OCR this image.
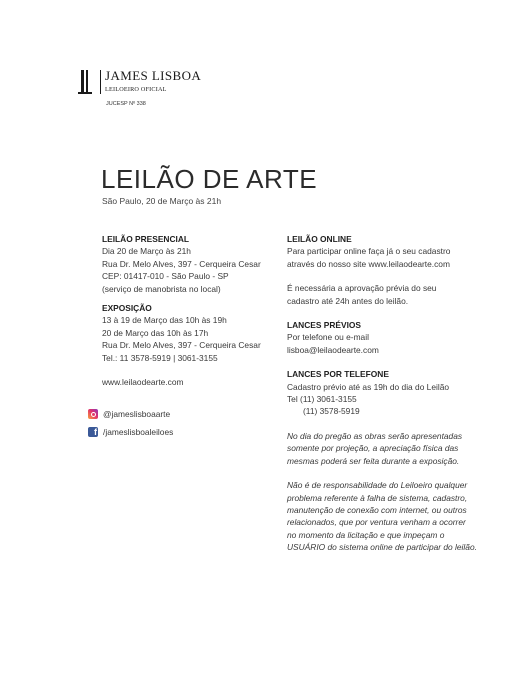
JAMES LISBOA
LEILOEIRO OFICIAL
JUCESP Nº 338
LEILÃO DE ARTE
São Paulo, 20 de Março às 21h
LEILÃO PRESENCIAL
Dia 20 de Março às 21h
Rua Dr. Melo Alves, 397 - Cerqueira Cesar
CEP: 01417-010 - São Paulo - SP
(serviço de manobrista no local)
EXPOSIÇÃO
13 à 19 de Março das 10h às 19h
20 de Março das 10h às 17h
Rua Dr. Melo Alves, 397 - Cerqueira Cesar
Tel.: 11 3578-5919 | 3061-3155
www.leilaodearte.com
@jameslisboaarte
f /jameslisboaleiloes
LEILÃO ONLINE
Para participar online faça já o seu cadastro
através do nosso site www.leilaodearte.com
É necessária a aprovação prévia do seu
cadastro até 24h antes do leilão.
LANCES PRÉVIOS
Por telefone ou e-mail
lisboa@leilaodearte.com
LANCES POR TELEFONE
Cadastro prévio até as 19h do dia do Leilão
Tel (11) 3061-3155
(11) 3578-5919
No dia do pregão as obras serão apresentadas
somente por projeção, a apreciação física das
mesmas poderá ser feita durante a exposição.
Não é de responsabilidade do Leiloeiro qualquer
problema referente à falha de sistema, cadastro,
manutenção de conexão com internet, ou outros
relacionados, que por ventura venham a ocorrer
no momento da licitação e que impeçam o
USUÁRIO do sistema online de participar do leilão.
